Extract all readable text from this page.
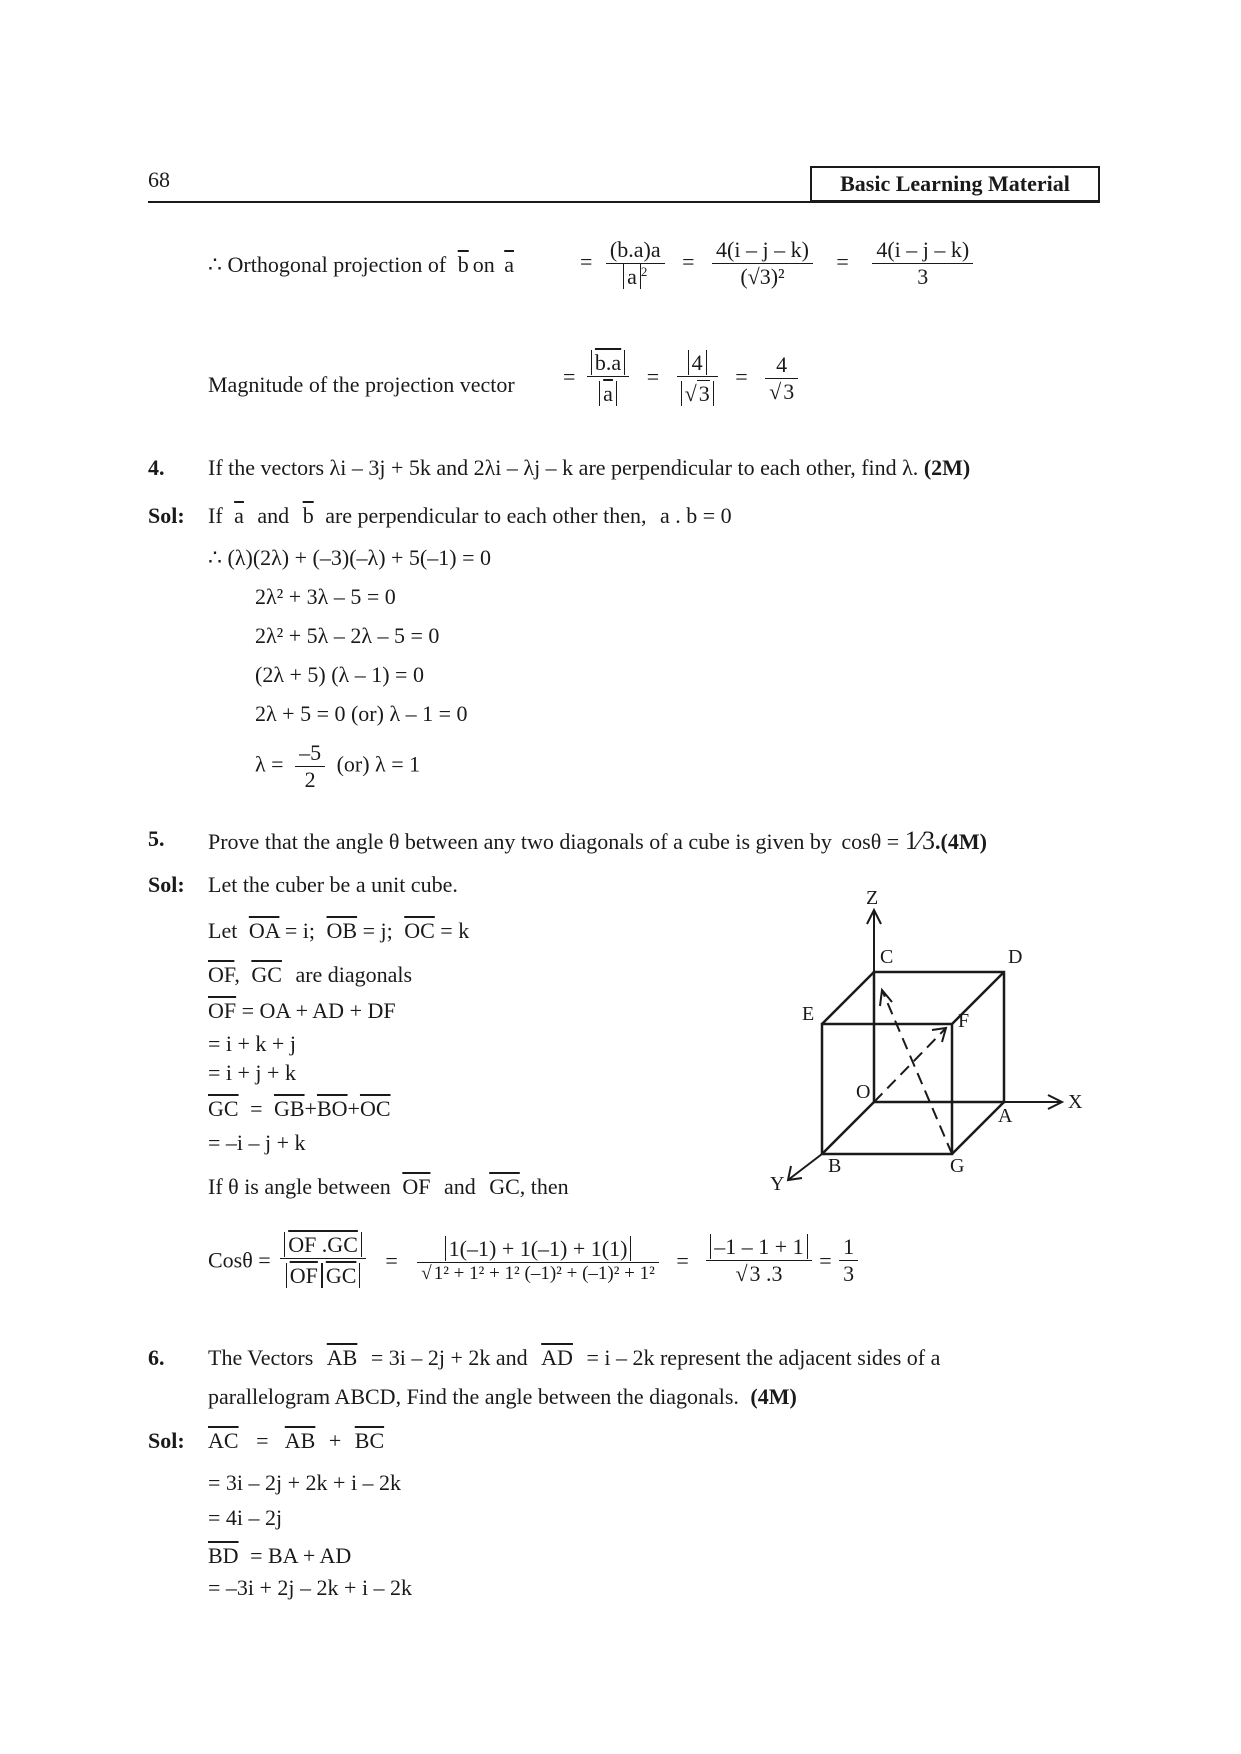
68	Basic Learning Material
∴ Orthogonal projection of $\overline{b}$ on $\overline{a}$	= $\frac{(b.a)a}{a ^2} = \frac{4(i - j - k)}{\text{(√3)²}} = \frac{4(i - j - k)}{3}$
Magnitude of the projection vector = $\frac{b.a}{a} = \frac{4}{√3} = \frac{4}{√3}$
4. If the vectors λi – 3j + 5k and 2λi – λj – k are perpendicular to each other, find λ. (2M)
Sol: If $\overline{a}$ and $\overline{b}$ are perpendicular to each other then, a . b = 0
∴ (λ)(2λ) + (–3)(–λ) + 5(–1) = 0
2λ² + 3λ – 5 = 0
2λ² + 5λ – 2λ – 5 = 0
(2λ + 5) (λ – 1) = 0
2λ + 5 = 0 (or) λ – 1 = 0
$\lambda = \frac{-5}{2} (or) \lambda = 1$
5. Prove that the angle θ between any two diagonals of a cube is given by cosθ = 1⁄3.(4M)
Sol: Let the cuber be a unit cube.
Let $\overline{OA} = i$; $\overline{OB} = j$; $\overline{OC} = k$
$\overline{OF}$, $\overline{GC}$ are diagonals
$\overline{OF}$ = OA + AD + DF
= i + k + j
= i + j + k
$\overline{GC} = \overline{GB}+\overline{BO}+\overline{OC}$
= –i – j + k
If θ is angle between $\overline{OF}$ and $\overline{GC}$, then
$Cos\theta = \frac{OF .GC}{\overline{OF} \overline{GC}} = \frac{1(-1) + 1(-1) + 1(1)}{\text{√ 1² + 1² + 1² (–1)² + (–1)² + 1²}} = \frac{-1 - 1 + 1}{√3 .3} = \frac{1}{3}$
Z
C	D
E	F
O	X
A
B	G
Y
6. The Vectors $\overline{AB} = 3i - 2j + 2k$ and $\overline{AD} = i - 2k$ represent the adjacent sides of a
parallelogram ABCD, Find the angle between the diagonals. (4M)
Sol: $\overline{AC} = \overline{AB} + \overline{BC}$
= 3i – 2j + 2k + i – 2k
= 4i – 2j
$\overline{BD}$ = BA + AD
= –3i + 2j – 2k + i – 2k
